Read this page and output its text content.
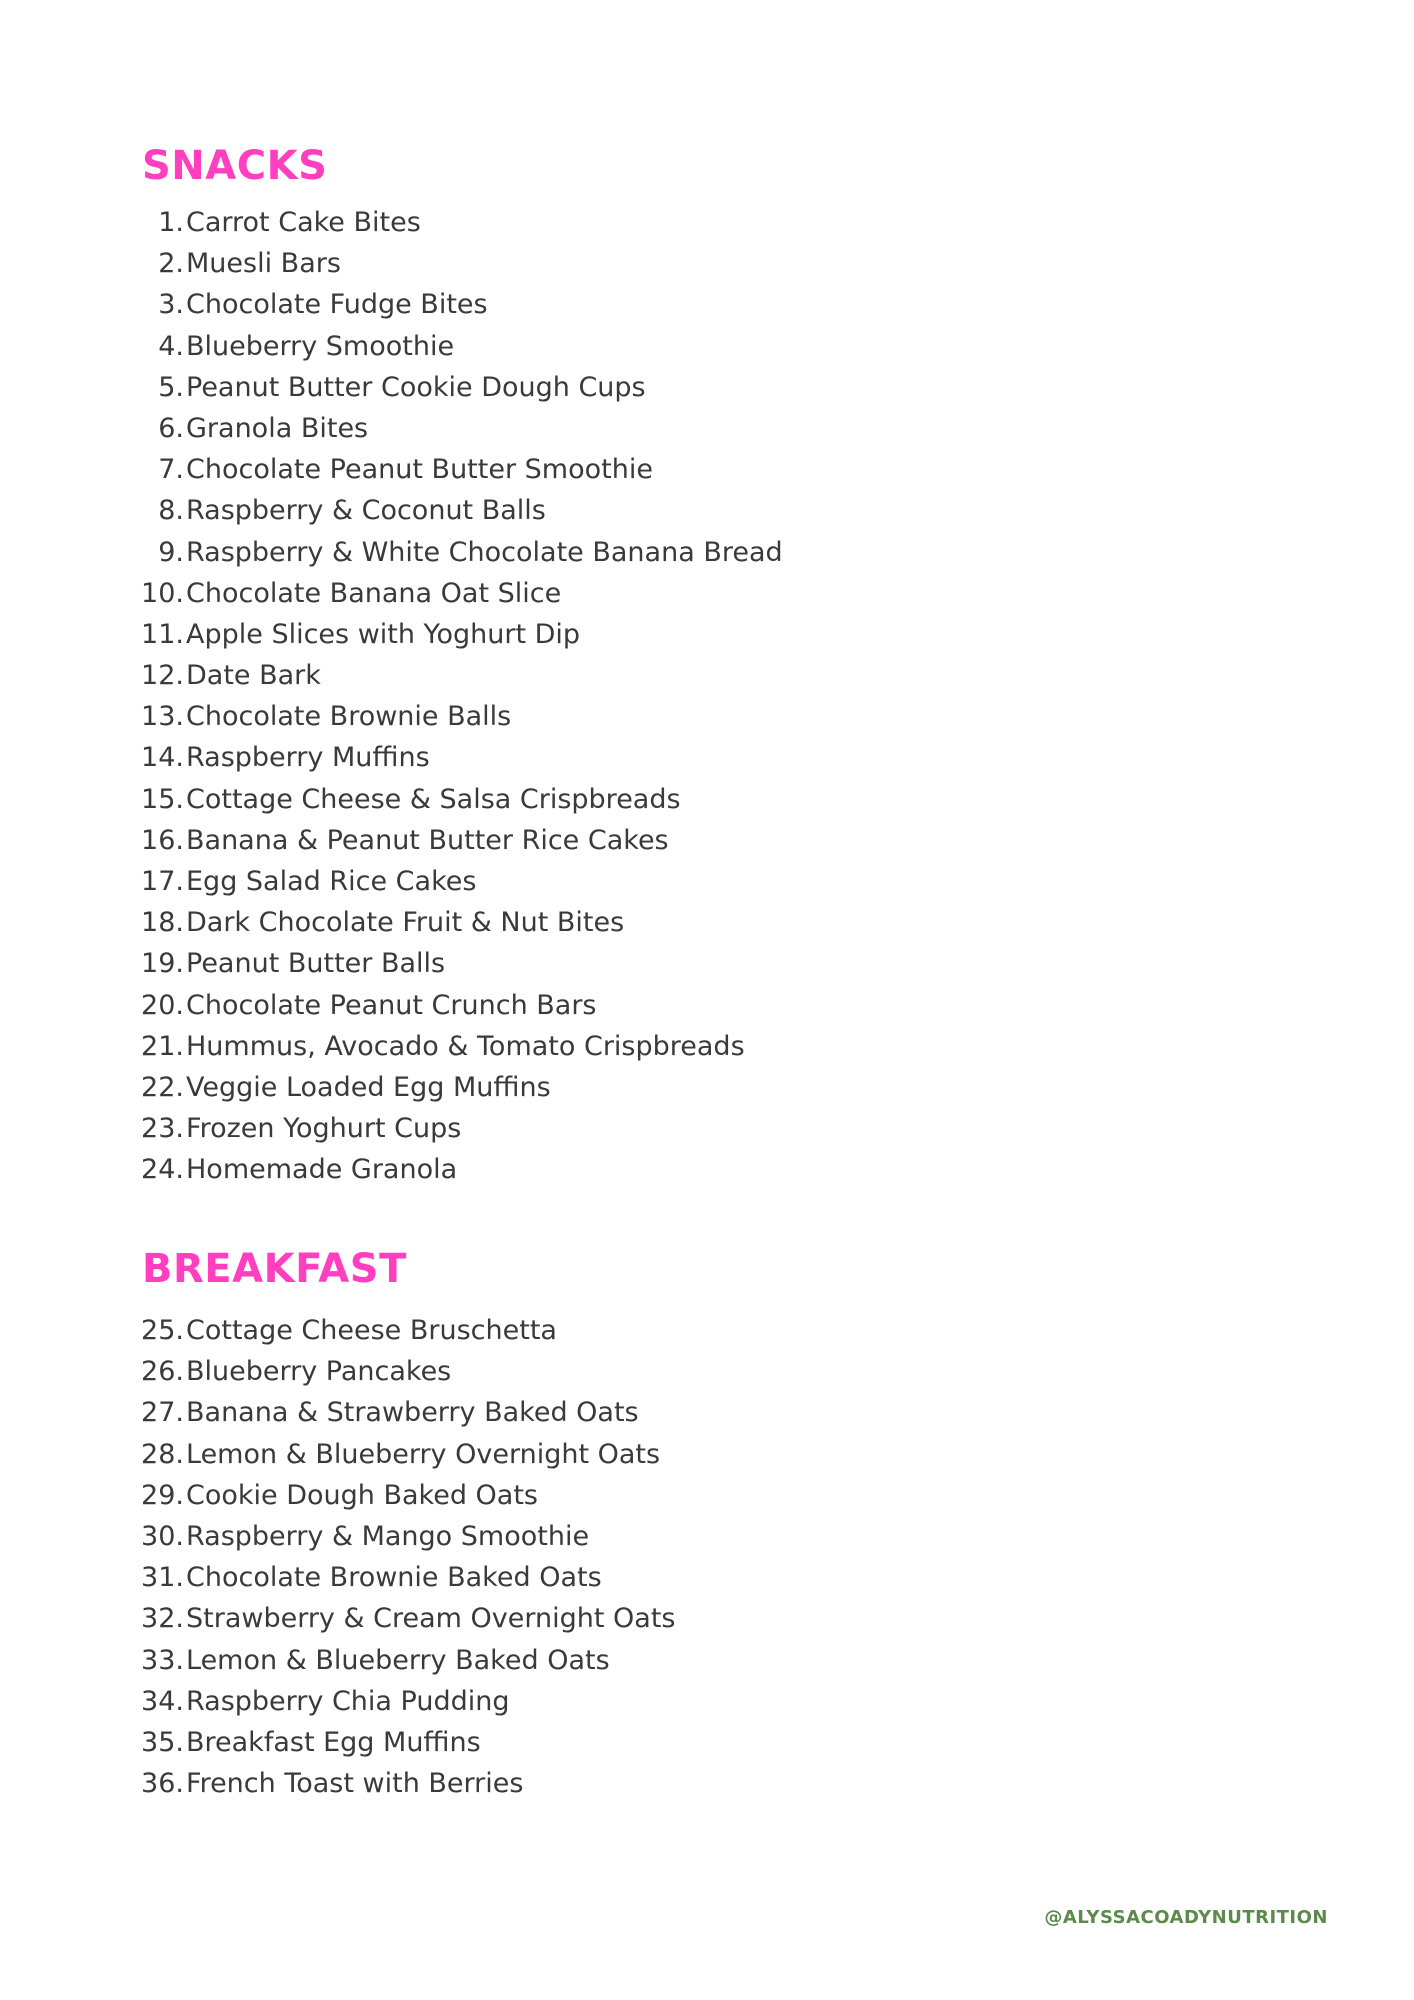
SNACKS
1. Carrot Cake Bites
2. Muesli Bars
3. Chocolate Fudge Bites
4. Blueberry Smoothie
5. Peanut Butter Cookie Dough Cups
6. Granola Bites
7. Chocolate Peanut Butter Smoothie
8. Raspberry & Coconut Balls
9. Raspberry & White Chocolate Banana Bread
10. Chocolate Banana Oat Slice
11. Apple Slices with Yoghurt Dip
12. Date Bark
13. Chocolate Brownie Balls
14. Raspberry Muffins
15. Cottage Cheese & Salsa Crispbreads
16. Banana & Peanut Butter Rice Cakes
17. Egg Salad Rice Cakes
18. Dark Chocolate Fruit & Nut Bites
19. Peanut Butter Balls
20. Chocolate Peanut Crunch Bars
21. Hummus, Avocado & Tomato Crispbreads
22. Veggie Loaded Egg Muffins
23. Frozen Yoghurt Cups
24. Homemade Granola
BREAKFAST
25. Cottage Cheese Bruschetta
26. Blueberry Pancakes
27. Banana & Strawberry Baked Oats
28. Lemon & Blueberry Overnight Oats
29. Cookie Dough Baked Oats
30. Raspberry & Mango Smoothie
31. Chocolate Brownie Baked Oats
32. Strawberry & Cream Overnight Oats
33. Lemon & Blueberry Baked Oats
34. Raspberry Chia Pudding
35. Breakfast Egg Muffins
36. French Toast with Berries
@ALYSSACOADYNUTRITION
